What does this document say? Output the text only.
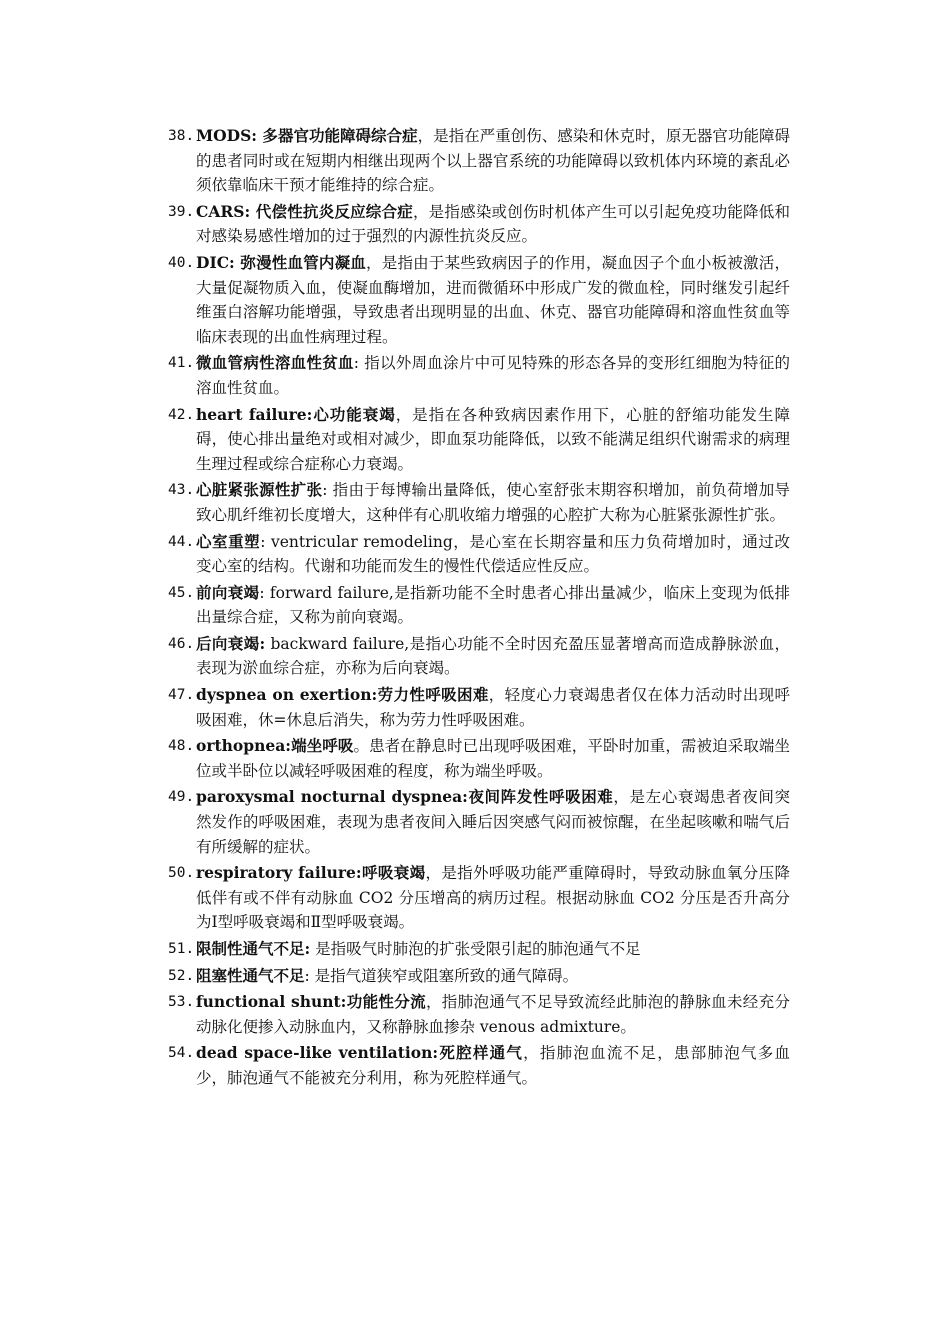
38. MODS: 多器官功能障碍综合症，是指在严重创伤、感染和休克时，原无器官功能障碍的患者同时或在短期内相继出现两个以上器官系统的功能障碍以致机体内环境的紊乱必须依靠临床干预才能维持的综合症。

39. CARS: 代偿性抗炎反应综合症，是指感染或创伤时机体产生可以引起免疫功能降低和对感染易感性增加的过于强烈的内源性抗炎反应。

40. DIC: 弥漫性血管内凝血，是指由于某些致病因子的作用，凝血因子个血小板被激活，大量促凝物质入血，使凝血酶增加，进而微循环中形成广发的微血栓，同时继发引起纤维蛋白溶解功能增强，导致患者出现明显的出血、休克、器官功能障碍和溶血性贫血等临床表现的出血性病理过程。

41. 微血管病性溶血性贫血: 指以外周血涂片中可见特殊的形态各异的变形红细胞为特征的溶血性贫血。

42. heart failure:心功能衰竭，是指在各种致病因素作用下，心脏的舒缩功能发生障碍，使心排出量绝对或相对减少，即血泵功能降低，以致不能满足组织代谢需求的病理生理过程或综合症称心力衰竭。

43. 心脏紧张源性扩张: 指由于每博输出量降低，使心室舒张末期容积增加，前负荷增加导致心肌纤维初长度增大，这种伴有心肌收缩力增强的心腔扩大称为心脏紧张源性扩张。

44. 心室重塑: ventricular remodeling，是心室在长期容量和压力负荷增加时，通过改变心室的结构。代谢和功能而发生的慢性代偿适应性反应。

45. 前向衰竭: forward failure,是指新功能不全时患者心排出量减少，临床上变现为低排出量综合症，又称为前向衰竭。

46. 后向衰竭: backward failure,是指心功能不全时因充盈压显著增高而造成静脉淤血，表现为淤血综合症，亦称为后向衰竭。

47. dyspnea on exertion:劳力性呼吸困难，轻度心力衰竭患者仅在体力活动时出现呼吸困难，休=休息后消失，称为劳力性呼吸困难。

48. orthopnea:端坐呼吸。患者在静息时已出现呼吸困难，平卧时加重，需被迫采取端坐位或半卧位以减轻呼吸困难的程度，称为端坐呼吸。

49. paroxysmal nocturnal dyspnea:夜间阵发性呼吸困难，是左心衰竭患者夜间突然发作的呼吸困难，表现为患者夜间入睡后因突感气闷而被惊醒，在坐起咳嗽和喘气后有所缓解的症状。

50. respiratory failure:呼吸衰竭，是指外呼吸功能严重障碍时，导致动脉血氧分压降低伴有或不伴有动脉血 CO2 分压增高的病历过程。根据动脉血 CO2 分压是否升高分为Ⅰ型呼吸衰竭和Ⅱ型呼吸衰竭。

51. 限制性通气不足: 是指吸气时肺泡的扩张受限引起的肺泡通气不足

52. 阻塞性通气不足: 是指气道狭窄或阻塞所致的通气障碍。

53. functional shunt:功能性分流，指肺泡通气不足导致流经此肺泡的静脉血未经充分动脉化便掺入动脉血内，又称静脉血掺杂 venous admixture。

54. dead space-like ventilation:死腔样通气，指肺泡血流不足，患部肺泡气多血少，肺泡通气不能被充分利用，称为死腔样通气。
